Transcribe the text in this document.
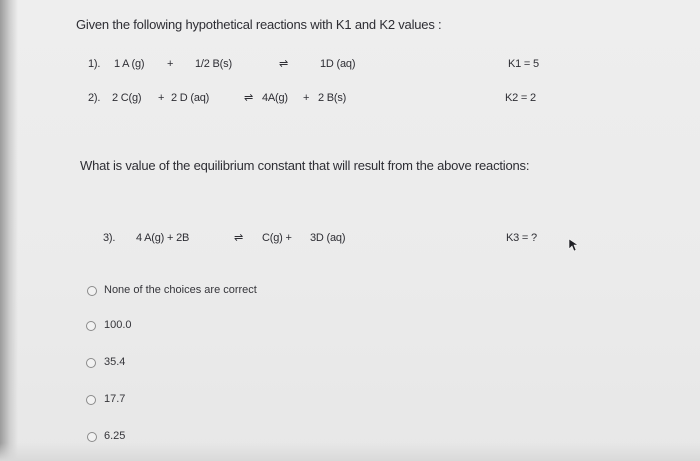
Given the following hypothetical reactions with K1 and K2 values :
1). 1 A (g) + 1/2 B(s)	⇌	1D (aq)	K1 = 5
2). 2 C(g) + 2 D (aq)	⇌ 4A(g) + 2 B(s)	K2 = 2
What is value of the equilibrium constant that will result from the above reactions:
3). 4 A(g) + 2B	⇌ C(g) + 3D (aq)	K3 = ?
None of the choices are correct
100.0
35.4
17.7
6.25
